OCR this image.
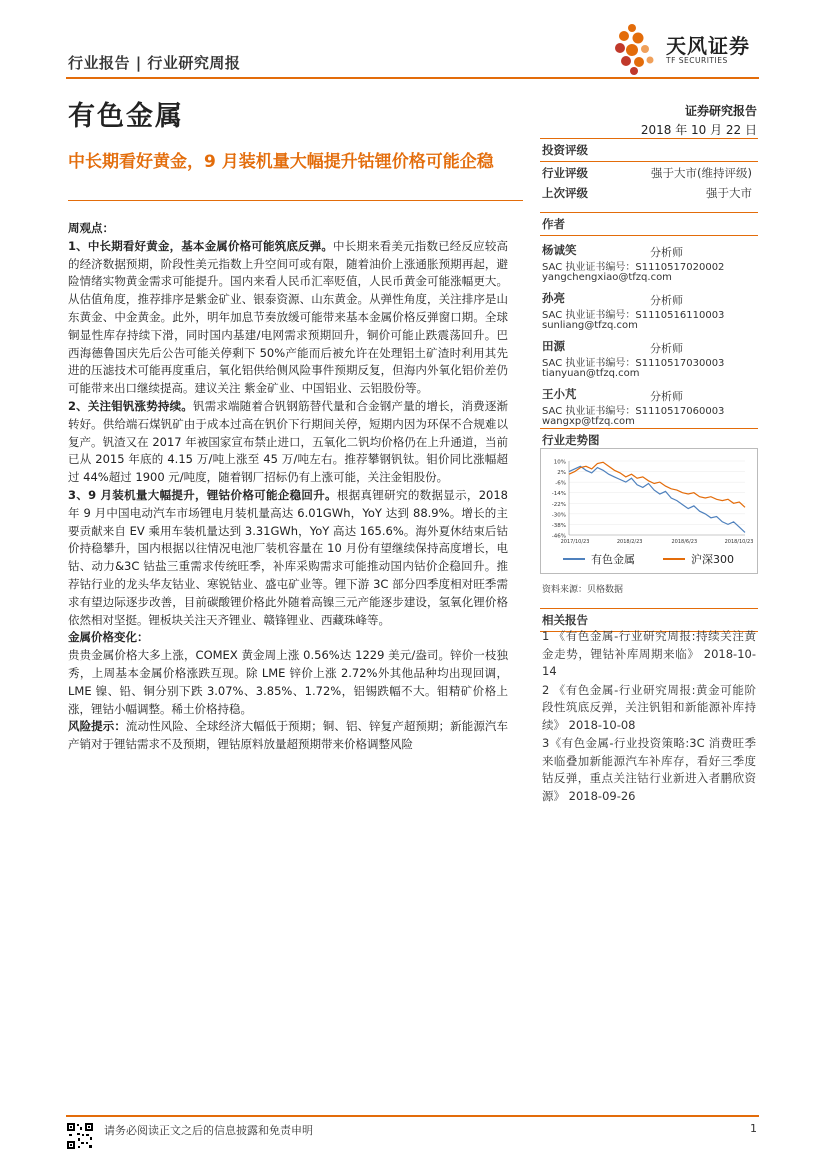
行业报告 | 行业研究周报
天风证券
TF SECURITIES
有色金属	证券研究报告
2018 年 10 月 22 日
中长期看好黄金，9 月装机量大幅提升钴锂价格可能企稳

周观点：

1、中长期看好黄金，基本金属价格可能筑底反弹。中长期来看美元指数已经反应较高的经济数据预期，阶段性美元指数上升空间可或有限，随着油价上涨通胀预期再起，避险情绪实物黄金需求可能提升。国内来看人民币汇率贬值，人民币黄金可能涨幅更大。从估值角度，推荐排序是紫金矿业、银泰资源、山东黄金。从弹性角度，关注排序是山东黄金、中金黄金。此外，明年加息节奏放缓可能带来基本金属价格反弹窗口期。全球铜显性库存持续下滑，同时国内基建/电网需求预期回升，铜价可能止跌震荡回升。巴西海德鲁国庆先后公告可能关停剩下 50%产能而后被允许在处理铝土矿渣时利用其先进的压滤技术可能再度重启，氧化铝供给侧风险事件预期反复，但海内外氧化铝价差仍可能带来出口继续提高。建议关注 紫金矿业、中国铝业、云铝股份等。

2、关注钼钒涨势持续。钒需求端随着合钒钢筋替代量和合金钢产量的增长，消费逐渐转好。供给端石煤钒矿由于成本过高在钒价下行期间关停，短期内因为环保不合规难以复产。钒渣又在 2017 年被国家宣布禁止进口，五氧化二钒均价格仍在上升通道，当前已从 2015 年底的 4.15 万/吨上涨至 45 万/吨左右。推荐攀钢钒钛。钼价同比涨幅超过 44%超过 1900 元/吨度，随着钢厂招标仍有上涨可能，关注金钼股份。

3、9 月装机量大幅提升，锂钴价格可能企稳回升。根据真锂研究的数据显示，2018 年 9 月中国电动汽车市场锂电月装机量高达 6.01GWh，YoY 达到 88.9%。增长的主要贡献来自 EV 乘用车装机量达到 3.31GWh，YoY 高达 165.6%。海外夏休结束后钴价持稳攀升，国内根据以往情况电池厂装机容量在 10 月份有望继续保持高度增长，电钴、动力&3C 钴盐三重需求传统旺季，补库采购需求可能推动国内钴价企稳回升。推荐钴行业的龙头华友钴业、寒锐钴业、盛屯矿业等。锂下游 3C 部分四季度相对旺季需求有望边际逐步改善，目前碳酸锂价格此外随着高镍三元产能逐步建设，氢氧化锂价格依然相对坚挺。锂板块关注天齐锂业、赣锋锂业、西藏珠峰等。

金属价格变化：

贵贵金属价格大多上涨，COMEX 黄金周上涨 0.56%达 1229 美元/盎司。锌价一枝独秀，上周基本金属价格涨跌互现。除 LME 锌价上涨 2.72%外其他品种均出现回调，LME 镍、铅、铜分别下跌 3.07%、3.85%、1.72%，铝锡跌幅不大。钼精矿价格上涨，锂钴小幅调整。稀土价格持稳。

风险提示：流动性风险、全球经济大幅低于预期；铜、铝、锌复产超预期；新能源汽车产销对于锂钴需求不及预期，锂钴原料放量超预期带来价格调整风险

投资评级
行业评级	强于大市(维持评级)
上次评级	强于大市
作者
杨诚笑	分析师
SAC 执业证书编号：S1110517020002
yangchengxiao@tfzq.com
孙亮	分析师
SAC 执业证书编号：S1110516110003
sunliang@tfzq.com
田源	分析师
SAC 执业证书编号：S1110517030003
tianyuan@tfzq.com
王小芃	分析师
SAC 执业证书编号：S1110517060003
wangxp@tfzq.com
行业走势图
10%
2%
-6%
-14%
-22%
-30%
-38%
-46%
2017/10/23	2018/2/23	2018/6/23	2018/10/23
有色金属	沪深300
资料来源：贝格数据
相关报告
1 《有色金属-行业研究周报:持续关注黄金走势，锂钴补库周期来临》 2018-10-14
2 《有色金属-行业研究周报:黄金可能阶段性筑底反弹，关注钒钼和新能源补库持续》 2018-10-08
3《有色金属-行业投资策略:3C 消费旺季来临叠加新能源汽车补库存，看好三季度钴反弹，重点关注钴行业新进入者鹏欣资源》 2018-09-26
请务必阅读正文之后的信息披露和免责申明	1
